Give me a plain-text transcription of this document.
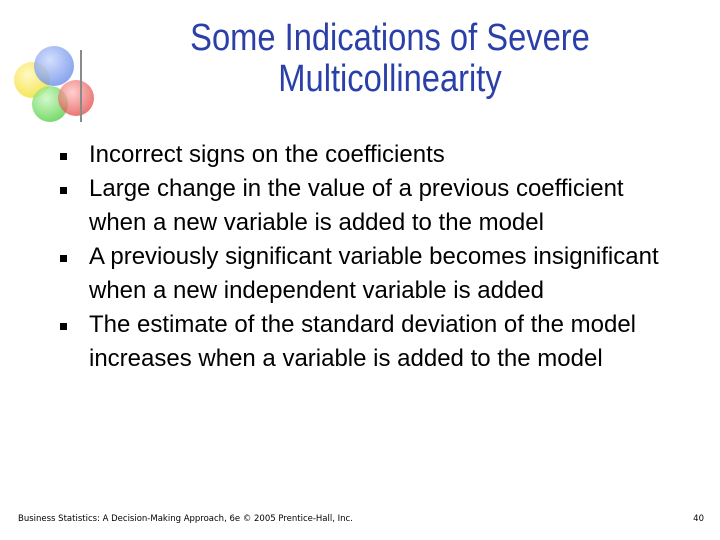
Some Indications of Severe
Multicollinearity
Incorrect signs on the coefficients
Large change in the value of a previous coefficient when a new variable is added to the model
A previously significant variable becomes insignificant when a new independent variable is added
The estimate of the standard deviation of the model increases when a variable is added to the model
Business Statistics: A Decision-Making Approach, 6e © 2005 Prentice-Hall, Inc.	40
